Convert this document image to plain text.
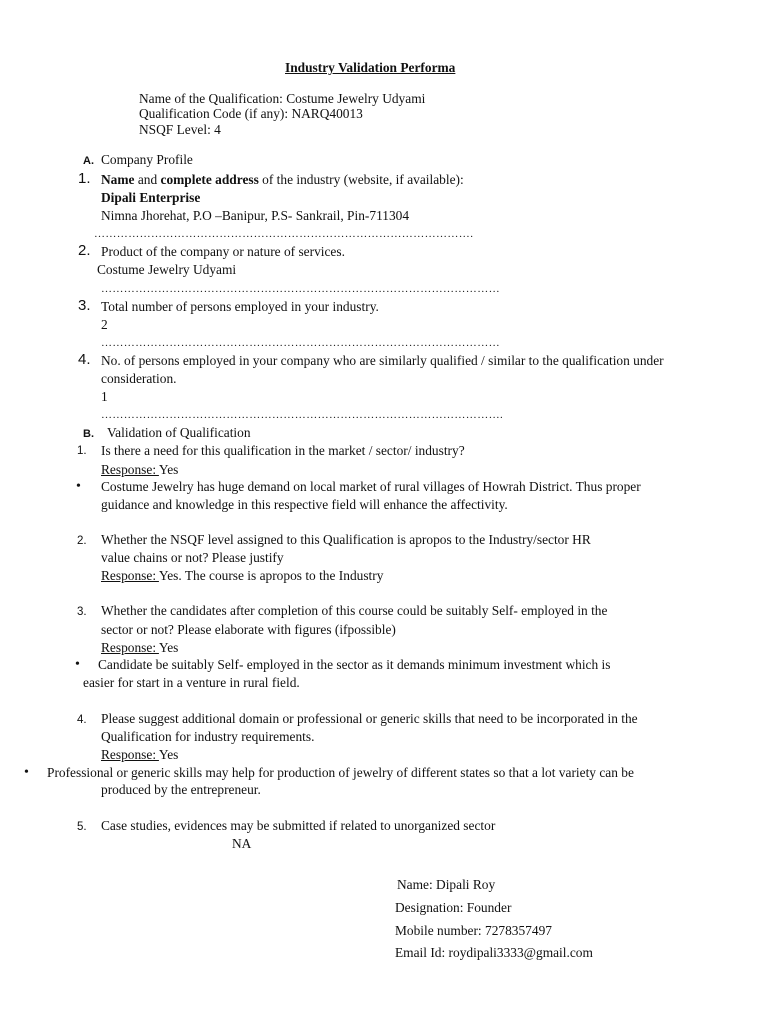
Industry Validation Performa
Name of the Qualification: Costume Jewelry Udyami
Qualification Code (if any): NARQ40013
NSQF Level: 4
A. Company Profile
1. Name and complete address of the industry (website, if available):
Dipali Enterprise
Nimna Jhorehat, P.O –Banipur, P.S- Sankrail, Pin-711304
……………………………………………………………………………………….
2. Product of the company or nature of services.
Costume Jewelry Udyami
……………………………………………………………………………………………
3. Total number of persons employed in your industry.
2
……………………………………………………………………………………………
4. No. of persons employed in your company who are similarly qualified / similar to the qualification under
consideration.
1
…………………………………………………………………………………………….
B. Validation of Qualification
1. Is there a need for this qualification in the market / sector/ industry?
Response: Yes
• Costume Jewelry has huge demand on local market of rural villages of Howrah District. Thus proper
guidance and knowledge in this respective field will enhance the affectivity.
2. Whether the NSQF level assigned to this Qualification is apropos to the Industry/sector HR
value chains or not? Please justify
Response: Yes. The course is apropos to the Industry
3. Whether the candidates after completion of this course could be suitably Self- employed in the
sector or not? Please elaborate with figures (ifpossible)
Response: Yes
• Candidate be suitably Self- employed in the sector as it demands minimum investment which is
easier for start in a venture in rural field.
4. Please suggest additional domain or professional or generic skills that need to be incorporated in the
Qualification for industry requirements.
Response: Yes
• Professional or generic skills may help for production of jewelry of different states so that a lot variety can be
produced by the entrepreneur.
5. Case studies, evidences may be submitted if related to unorganized sector
NA
Name: Dipali Roy
Designation: Founder
Mobile number: 7278357497
Email Id: roydipali3333@gmail.com
